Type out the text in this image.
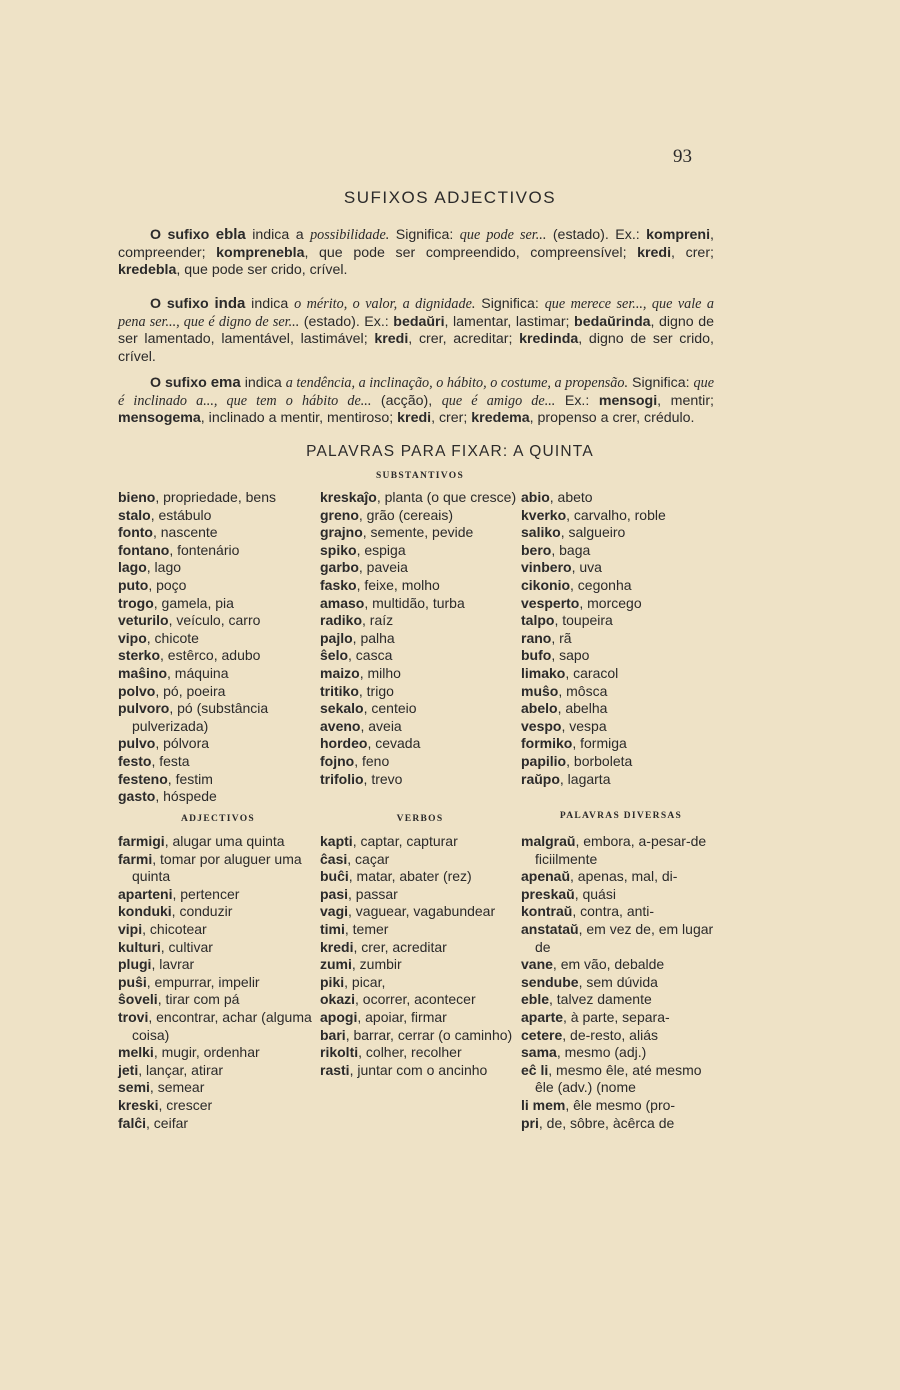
93
SUFIXOS ADJECTIVOS

O sufixo ebla indica a possibilidade. Significa: que pode ser... (estado). Ex.: kompreni, compreender; komprenebla, que pode ser compreendido, compreensível; kredi, crer; kredebla, que pode ser crido, crível.

O sufixo inda indica o mérito, o valor, a dignidade. Significa: que merece ser..., que vale a pena ser..., que é digno de ser... (estado). Ex.: bedaŭri, lamentar, lastimar; bedaŭrinda, digno de ser lamentado, lamentável, lastimável; kredi, crer, acreditar; kredinda, digno de ser crido, crível.

O sufixo ema indica a tendência, a inclinação, o hábito, o costume, a propensão. Significa: que é inclinado a..., que tem o hábito de... (acção), que é amigo de... Ex.: mensogi, mentir; mensogema, inclinado a mentir, mentiroso; kredi, crer; kredema, propenso a crer, crédulo.

PALAVRAS PARA FIXAR: A QUINTA
SUBSTANTIVOS

bieno, propriedade, bens

stalo, estábulo

fonto, nascente

fontano, fontenário

lago, lago

puto, poço

trogo, gamela, pia

veturilo, veículo, carro

vipo, chicote

sterko, estêrco, adubo

maŝino, máquina

polvo, pó, poeira

pulvoro, pó (substância pulverizada)

pulvo, pólvora

festo, festa

festeno, festim

gasto, hóspede

kreskaĵo, planta (o que cresce)

greno, grão (cereais)

grajno, semente, pevide

spiko, espiga

garbo, paveia

fasko, feixe, molho

amaso, multidão, turba

radiko, raíz

pajlo, palha

ŝelo, casca

maizo, milho

tritiko, trigo

sekalo, centeio

aveno, aveia

hordeo, cevada

fojno, feno

trifolio, trevo

abio, abeto

kverko, carvalho, roble

saliko, salgueiro

bero, baga

vinbero, uva

cikonio, cegonha

vesperto, morcego

talpo, toupeira

rano, rã

bufo, sapo

limako, caracol

muŝo, môsca

abelo, abelha

vespo, vespa

formiko, formiga

papilio, borboleta

raŭpo, lagarta

ADJECTIVOS	VERBOS	PALAVRAS DIVERSAS

farmigi, alugar uma quinta

farmi, tomar por aluguer uma quinta

aparteni, pertencer

konduki, conduzir

vipi, chicotear

kulturi, cultivar

plugi, lavrar

puŝi, empurrar, impelir

ŝoveli, tirar com pá

trovi, encontrar, achar (alguma coisa)

melki, mugir, ordenhar

jeti, lançar, atirar

semi, semear

kreski, crescer

falĉi, ceifar

kapti, captar, capturar

ĉasi, caçar

buĉi, matar, abater (rez)

pasi, passar

vagi, vaguear, vagabundear

timi, temer

kredi, crer, acreditar

zumi, zumbir

piki, picar,

okazi, ocorrer, acontecer

apogi, apoiar, firmar

bari, barrar, cerrar (o caminho)

rikolti, colher, recolher

rasti, juntar com o ancinho

malgraŭ, embora, a-pesar-de ficiilmente

apenaŭ, apenas, mal, di-

preskaŭ, quási

kontraŭ, contra, anti-

anstataŭ, em vez de, em lugar de

vane, em vão, debalde

sendube, sem dúvida

eble, talvez damente

aparte, à parte, separa-

cetere, de-resto, aliás

sama, mesmo (adj.)

eĉ li, mesmo êle, até mesmo êle (adv.) (nome

li mem, êle mesmo (pro-

pri, de, sôbre, àcêrca de
